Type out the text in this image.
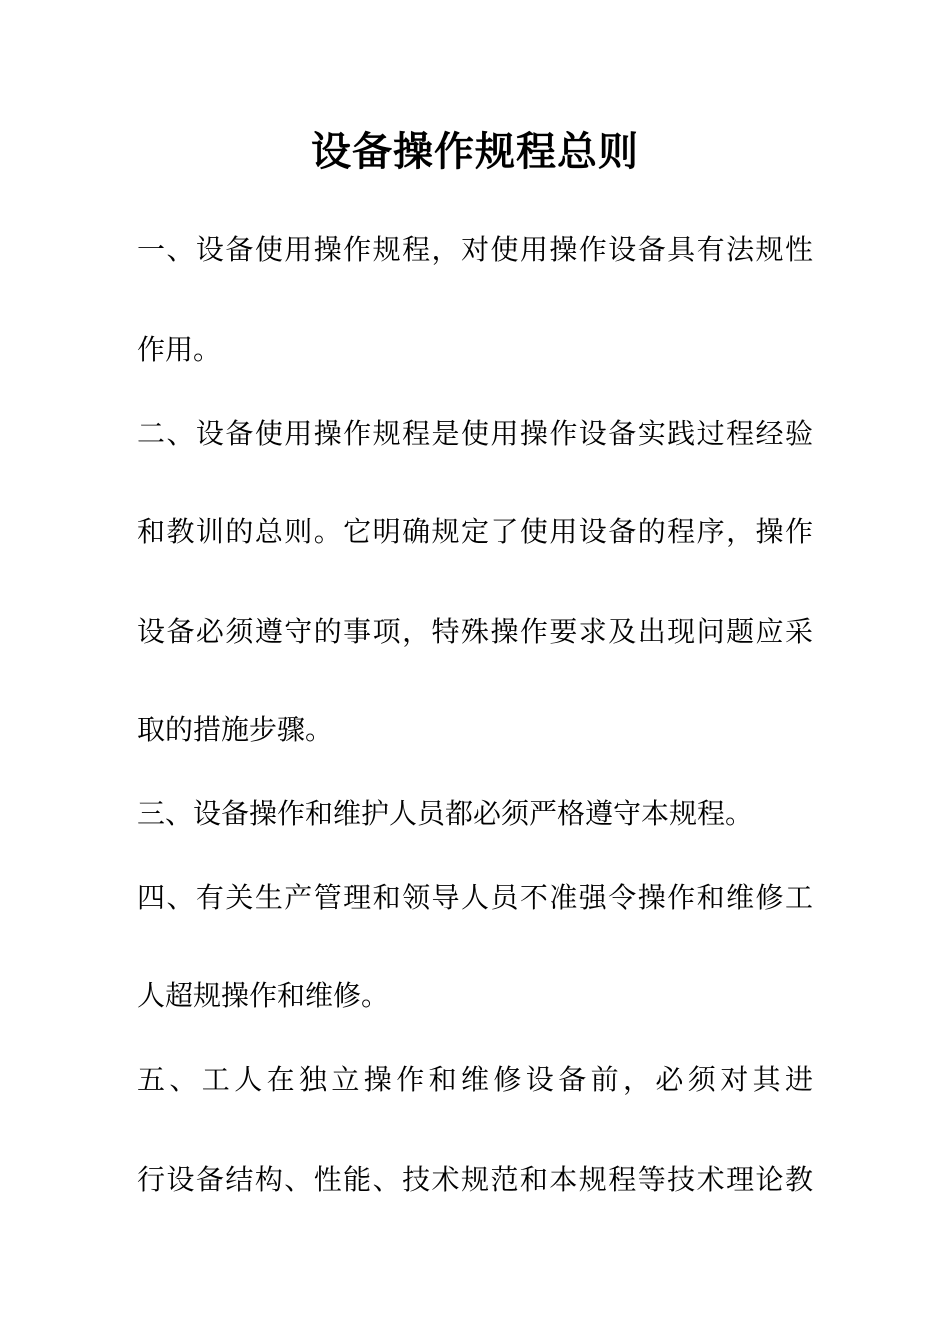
设备操作规程总则
一、设备使用操作规程，对使用操作设备具有法规性
作用。
二、设备使用操作规程是使用操作设备实践过程经验
和教训的总则。它明确规定了使用设备的程序，操作
设备必须遵守的事项，特殊操作要求及出现问题应采
取的措施步骤。
三、设备操作和维护人员都必须严格遵守本规程。
四、有关生产管理和领导人员不准强令操作和维修工
人超规操作和维修。
五、工人在独立操作和维修设备前，必须对其进
行设备结构、性能、技术规范和本规程等技术理论教
